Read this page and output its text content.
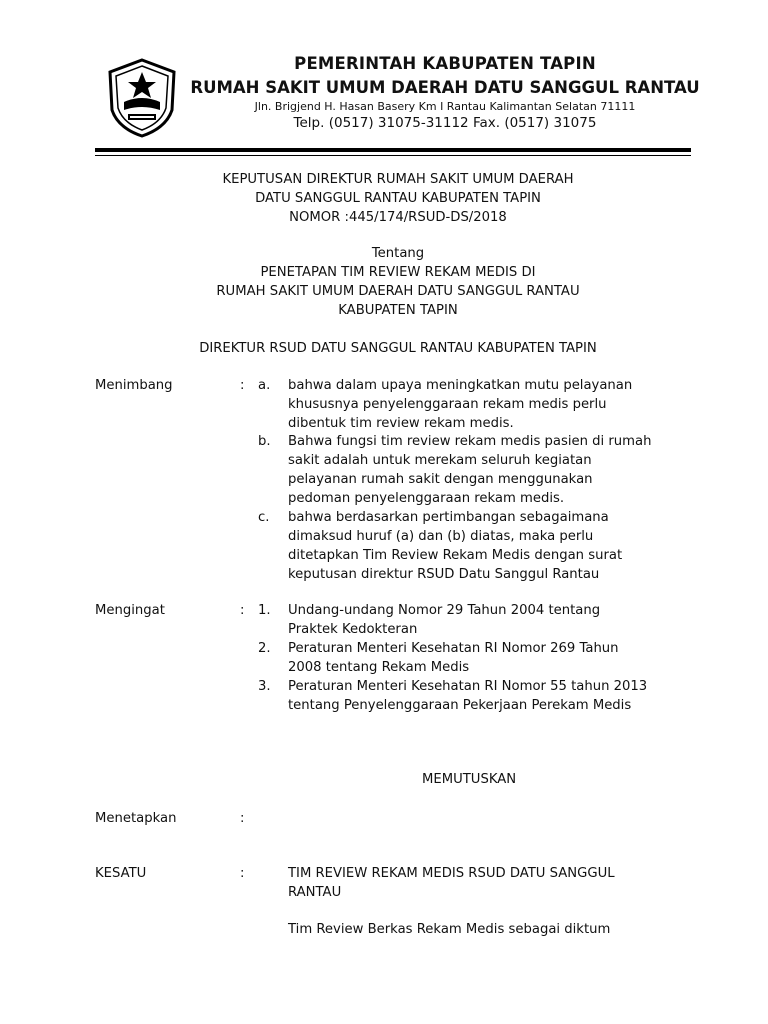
PEMERINTAH KABUPATEN TAPIN
RUMAH SAKIT UMUM DAERAH DATU SANGGUL RANTAU
Jln. Brigjend H. Hasan Basery Km I Rantau Kalimantan Selatan 71111
Telp. (0517) 31075-31112 Fax. (0517) 31075
KEPUTUSAN DIREKTUR RUMAH SAKIT UMUM DAERAH
DATU SANGGUL RANTAU KABUPATEN TAPIN
NOMOR :445/174/RSUD-DS/2018
Tentang
PENETAPAN TIM REVIEW REKAM MEDIS DI
RUMAH SAKIT UMUM DAERAH DATU SANGGUL RANTAU
KABUPATEN TAPIN
DIREKTUR RSUD DATU SANGGUL RANTAU KABUPATEN TAPIN
Menimbang	: a. bahwa dalam upaya meningkatkan mutu pelayanan
khususnya penyelenggaraan rekam medis perlu
dibentuk tim review rekam medis.
b. Bahwa fungsi tim review rekam medis pasien di rumah
sakit adalah untuk merekam seluruh kegiatan
pelayanan rumah sakit dengan menggunakan
pedoman penyelenggaraan rekam medis.
c. bahwa berdasarkan pertimbangan sebagaimana
dimaksud huruf (a) dan (b) diatas, maka perlu
ditetapkan Tim Review Rekam Medis dengan surat
keputusan direktur RSUD Datu Sanggul Rantau
Mengingat	: 1. Undang-undang Nomor 29 Tahun 2004 tentang
Praktek Kedokteran
2. Peraturan Menteri Kesehatan RI Nomor 269 Tahun
2008 tentang Rekam Medis
3. Peraturan Menteri Kesehatan RI Nomor 55 tahun 2013
tentang Penyelenggaraan Pekerjaan Perekam Medis
MEMUTUSKAN
Menetapkan	:
KESATU	:	TIM REVIEW REKAM MEDIS RSUD DATU SANGGUL
RANTAU
Tim Review Berkas Rekam Medis sebagai diktum
